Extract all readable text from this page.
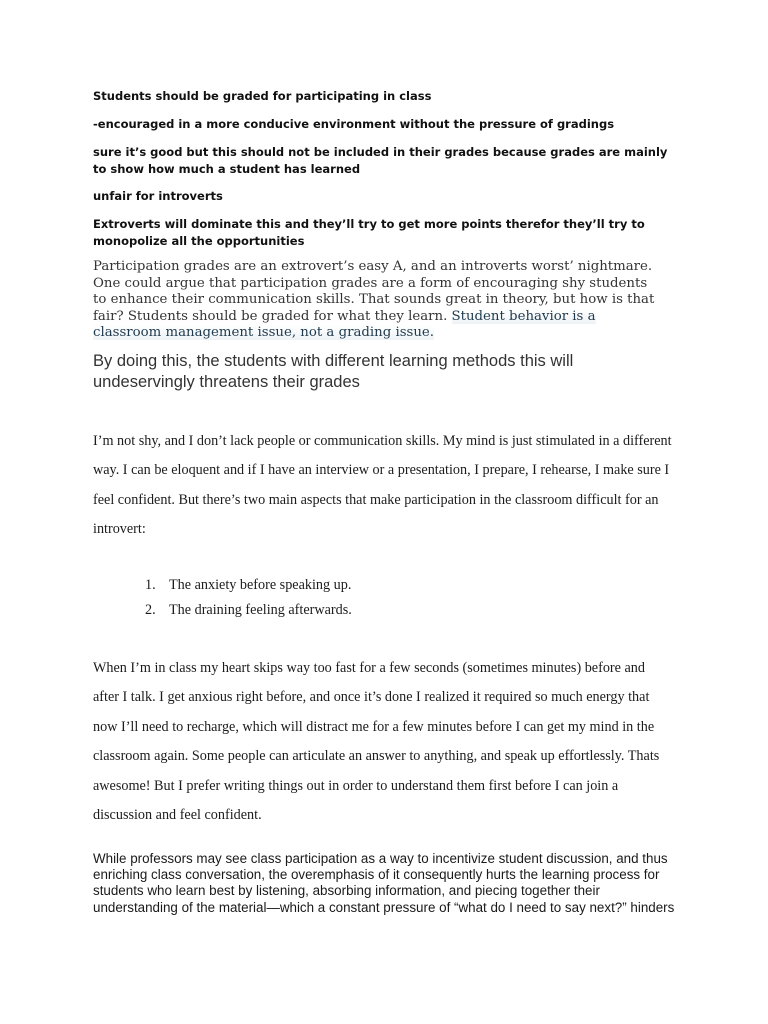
Students should be graded for participating in class

-encouraged in a more conducive environment without the pressure of gradings

sure it’s good but this should not be included in their grades because grades are mainly to show how much a student has learned

unfair for introverts

Extroverts will dominate this and they’ll try to get more points therefor they’ll try to monopolize all the opportunities

Participation grades are an extrovert’s easy A, and an introverts worst’ nightmare. One could argue that participation grades are a form of encouraging shy students to enhance their communication skills. That sounds great in theory, but how is that fair? Students should be graded for what they learn. Student behavior is a classroom management issue, not a grading issue.

By doing this, the students with different learning methods this will undeservingly threatens their grades

I’m not shy, and I don’t lack people or communication skills. My mind is just stimulated in a different way. I can be eloquent and if I have an interview or a presentation, I prepare, I rehearse, I make sure I feel confident. But there’s two main aspects that make participation in the classroom difficult for an introvert:

1. The anxiety before speaking up.
2. The draining feeling afterwards.

When I’m in class my heart skips way too fast for a few seconds (sometimes minutes) before and after I talk. I get anxious right before, and once it’s done I realized it required so much energy that now I’ll need to recharge, which will distract me for a few minutes before I can get my mind in the classroom again. Some people can articulate an answer to anything, and speak up effortlessly. Thats awesome! But I prefer writing things out in order to understand them first before I can join a discussion and feel confident.

While professors may see class participation as a way to incentivize student discussion, and thus enriching class conversation, the overemphasis of it consequently hurts the learning process for students who learn best by listening, absorbing information, and piecing together their understanding of the material—which a constant pressure of “what do I need to say next?” hinders
